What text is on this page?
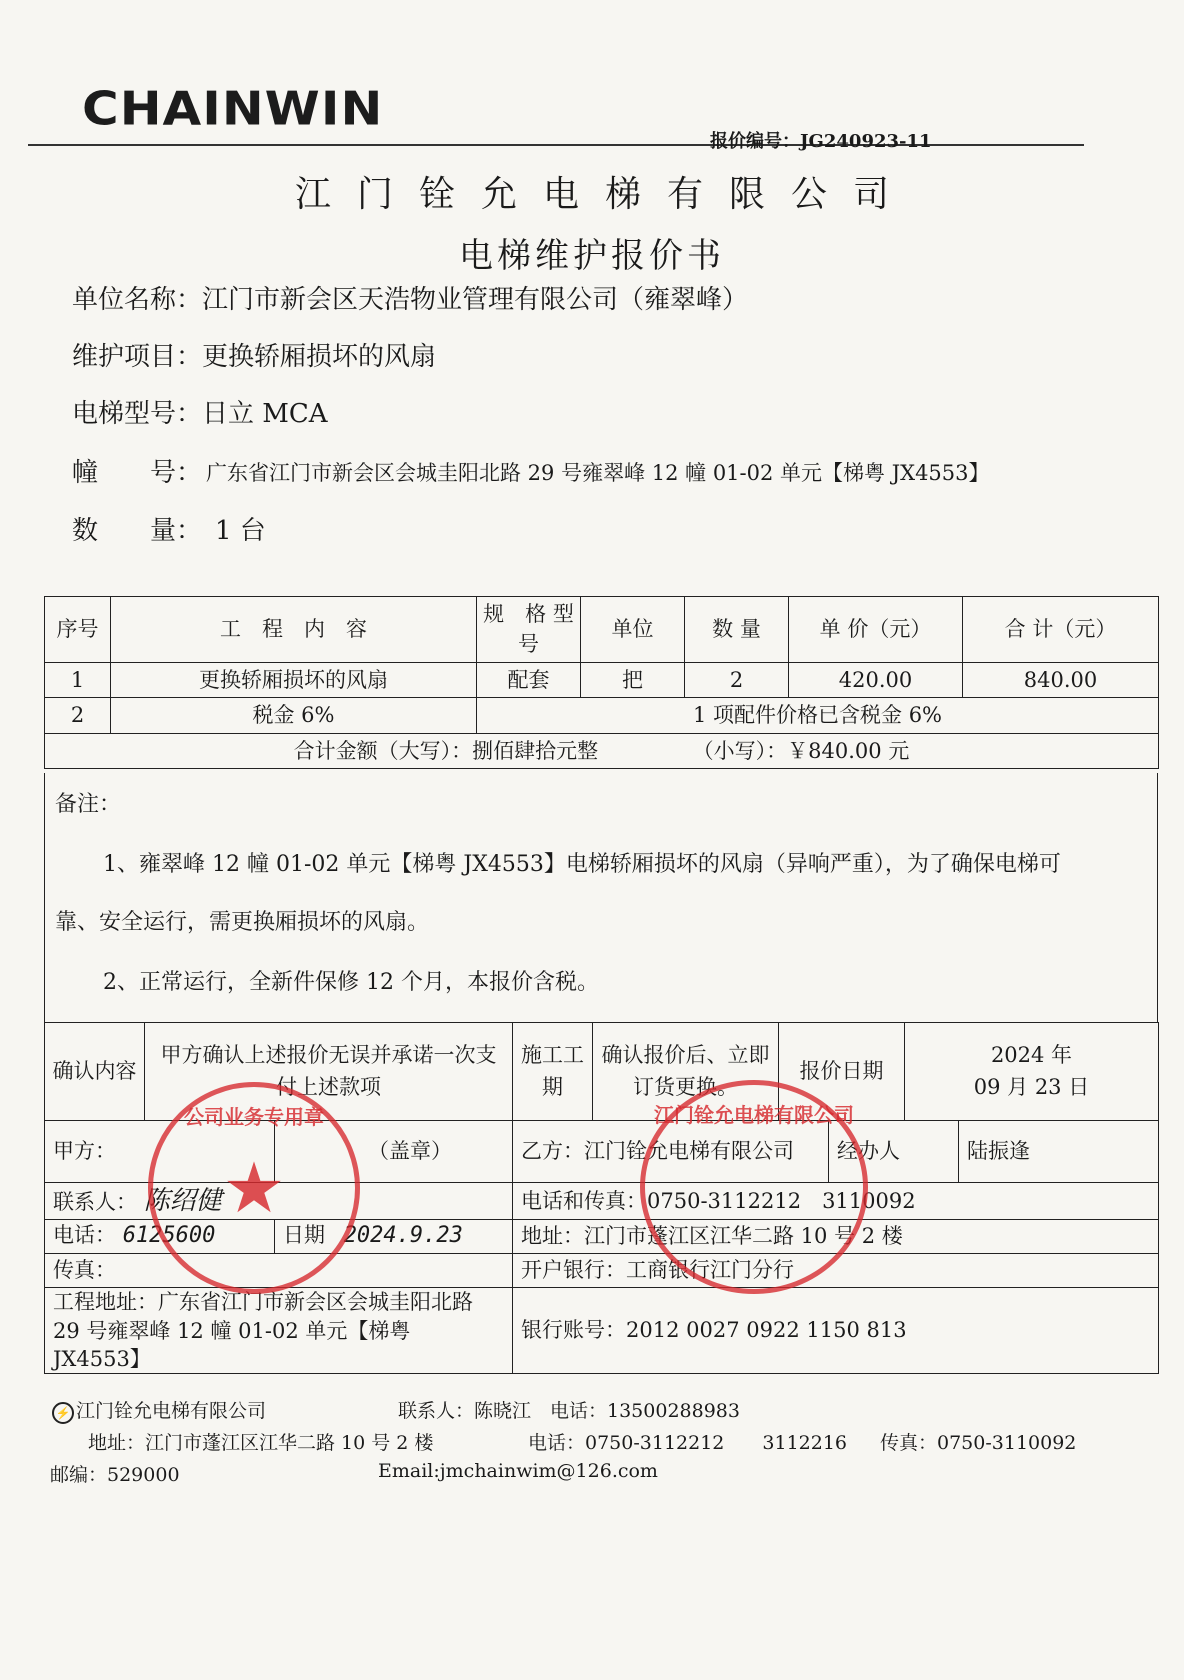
CHAINWIN
报价编号：JG240923-11
江门铨允电梯有限公司
电梯维护报价书
单位名称：江门市新会区天浩物业管理有限公司（雍翠峰）
维护项目：更换轿厢损坏的风扇
电梯型号：日立 MCA
幢　　号： 广东省江门市新会区会城圭阳北路 29 号雍翠峰 12 幢 01-02 单元【梯粤 JX4553】
数　　量：　1 台
序号	工　程　内　容	规　格 型　号	单位	数 量	单 价（元）	合 计（元）
1	更换轿厢损坏的风扇	配套	把	2	420.00	840.00
2	税金 6%	1 项配件价格已含税金 6%				
合计金额（大写）：捌佰肆拾元整　　　　　（小写）：￥840.00 元						

备注：

1、雍翠峰 12 幢 01-02 单元【梯粤 JX4553】电梯轿厢损坏的风扇（异响严重），为了确保电梯可

靠、安全运行，需更换厢损坏的风扇。

2、正常运行，全新件保修 12 个月，本报价含税。

确认内容	甲方确认上述报价无误并承诺一次支付上述款项	施工工期	确认报价后、立即订货更换。	报价日期	
2024 年
09 月 23 日
甲方：	（盖章）	乙方：江门铨允电梯有限公司	经办人	陆振逢
联系人： 陈绍健		电话和传真：0750-3112212　3110092		
电话： 6125600	日期 2024.9.23	地址：江门市蓬江区江华二路 10 号 2 楼		
传真：		开户银行：工商银行江门分行		
工程地址：广东省江门市新会区会城圭阳北路 29 号雍翠峰 12 幢 01-02 单元【梯粤 JX4553】		银行账号：2012 0027 0922 1150 813		
公司业务专用章
★
江门铨允电梯有限公司
⚡ 江门铨允电梯有限公司	联系人：陈晓江　电话：13500288983
地址：江门市蓬江区江华二路 10 号 2 楼	电话：0750-3112212　　3112216 传真：0750-3110092
邮编：529000	Email:jmchainwim@126.com
